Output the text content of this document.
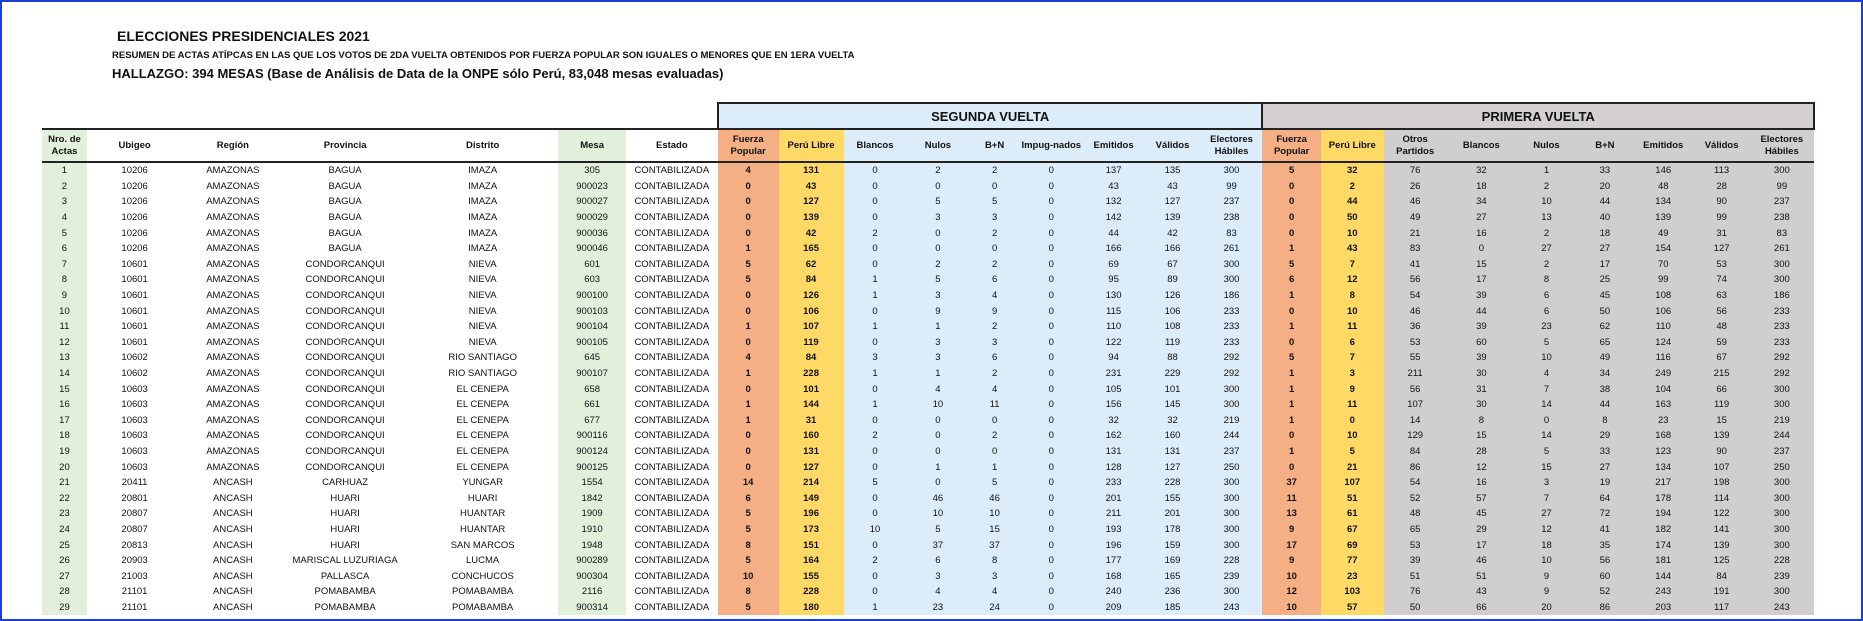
ELECCIONES PRESIDENCIALES 2021
RESUMEN DE ACTAS ATÍPCAS EN LAS QUE LOS VOTOS DE 2DA VUELTA OBTENIDOS POR FUERZA POPULAR SON IGUALES O MENORES QUE EN 1ERA VUELTA
HALLAZGO: 394 MESAS (Base de Análisis de Data de la ONPE sólo Perú, 83,048 mesas evaluadas)
							SEGUNDA VUELTA									PRIMERA VUELTA								
Nro. de Actas	Ubigeo	Región	Provincia	Distrito	Mesa	Estado	Fuerza Popular	Perú Libre	Blancos	Nulos	B+N	Impug-nados	Emitidos	Válidos	Electores Hábiles	Fuerza Popular	Perú Libre	Otros Partidos	Blancos	Nulos	B+N	Emitidos	Válidos	Electores Hábiles
1	10206	AMAZONAS	BAGUA	IMAZA	305	CONTABILIZADA	4	131	0	2	2	0	137	135	300	5	32	76	32	1	33	146	113	300
2	10206	AMAZONAS	BAGUA	IMAZA	900023	CONTABILIZADA	0	43	0	0	0	0	43	43	99	0	2	26	18	2	20	48	28	99
3	10206	AMAZONAS	BAGUA	IMAZA	900027	CONTABILIZADA	0	127	0	5	5	0	132	127	237	0	44	46	34	10	44	134	90	237
4	10206	AMAZONAS	BAGUA	IMAZA	900029	CONTABILIZADA	0	139	0	3	3	0	142	139	238	0	50	49	27	13	40	139	99	238
5	10206	AMAZONAS	BAGUA	IMAZA	900036	CONTABILIZADA	0	42	2	0	2	0	44	42	83	0	10	21	16	2	18	49	31	83
6	10206	AMAZONAS	BAGUA	IMAZA	900046	CONTABILIZADA	1	165	0	0	0	0	166	166	261	1	43	83	0	27	27	154	127	261
7	10601	AMAZONAS	CONDORCANQUI	NIEVA	601	CONTABILIZADA	5	62	0	2	2	0	69	67	300	5	7	41	15	2	17	70	53	300
8	10601	AMAZONAS	CONDORCANQUI	NIEVA	603	CONTABILIZADA	5	84	1	5	6	0	95	89	300	6	12	56	17	8	25	99	74	300
9	10601	AMAZONAS	CONDORCANQUI	NIEVA	900100	CONTABILIZADA	0	126	1	3	4	0	130	126	186	1	8	54	39	6	45	108	63	186
10	10601	AMAZONAS	CONDORCANQUI	NIEVA	900103	CONTABILIZADA	0	106	0	9	9	0	115	106	233	0	10	46	44	6	50	106	56	233
11	10601	AMAZONAS	CONDORCANQUI	NIEVA	900104	CONTABILIZADA	1	107	1	1	2	0	110	108	233	1	11	36	39	23	62	110	48	233
12	10601	AMAZONAS	CONDORCANQUI	NIEVA	900105	CONTABILIZADA	0	119	0	3	3	0	122	119	233	0	6	53	60	5	65	124	59	233
13	10602	AMAZONAS	CONDORCANQUI	RIO SANTIAGO	645	CONTABILIZADA	4	84	3	3	6	0	94	88	292	5	7	55	39	10	49	116	67	292
14	10602	AMAZONAS	CONDORCANQUI	RIO SANTIAGO	900107	CONTABILIZADA	1	228	1	1	2	0	231	229	292	1	3	211	30	4	34	249	215	292
15	10603	AMAZONAS	CONDORCANQUI	EL CENEPA	658	CONTABILIZADA	0	101	0	4	4	0	105	101	300	1	9	56	31	7	38	104	66	300
16	10603	AMAZONAS	CONDORCANQUI	EL CENEPA	661	CONTABILIZADA	1	144	1	10	11	0	156	145	300	1	11	107	30	14	44	163	119	300
17	10603	AMAZONAS	CONDORCANQUI	EL CENEPA	677	CONTABILIZADA	1	31	0	0	0	0	32	32	219	1	0	14	8	0	8	23	15	219
18	10603	AMAZONAS	CONDORCANQUI	EL CENEPA	900116	CONTABILIZADA	0	160	2	0	2	0	162	160	244	0	10	129	15	14	29	168	139	244
19	10603	AMAZONAS	CONDORCANQUI	EL CENEPA	900124	CONTABILIZADA	0	131	0	0	0	0	131	131	237	1	5	84	28	5	33	123	90	237
20	10603	AMAZONAS	CONDORCANQUI	EL CENEPA	900125	CONTABILIZADA	0	127	0	1	1	0	128	127	250	0	21	86	12	15	27	134	107	250
21	20411	ANCASH	CARHUAZ	YUNGAR	1554	CONTABILIZADA	14	214	5	0	5	0	233	228	300	37	107	54	16	3	19	217	198	300
22	20801	ANCASH	HUARI	HUARI	1842	CONTABILIZADA	6	149	0	46	46	0	201	155	300	11	51	52	57	7	64	178	114	300
23	20807	ANCASH	HUARI	HUANTAR	1909	CONTABILIZADA	5	196	0	10	10	0	211	201	300	13	61	48	45	27	72	194	122	300
24	20807	ANCASH	HUARI	HUANTAR	1910	CONTABILIZADA	5	173	10	5	15	0	193	178	300	9	67	65	29	12	41	182	141	300
25	20813	ANCASH	HUARI	SAN MARCOS	1948	CONTABILIZADA	8	151	0	37	37	0	196	159	300	17	69	53	17	18	35	174	139	300
26	20903	ANCASH	MARISCAL LUZURIAGA	LUCMA	900289	CONTABILIZADA	5	164	2	6	8	0	177	169	228	9	77	39	46	10	56	181	125	228
27	21003	ANCASH	PALLASCA	CONCHUCOS	900304	CONTABILIZADA	10	155	0	3	3	0	168	165	239	10	23	51	51	9	60	144	84	239
28	21101	ANCASH	POMABAMBA	POMABAMBA	2116	CONTABILIZADA	8	228	0	4	4	0	240	236	300	12	103	76	43	9	52	243	191	300
29	21101	ANCASH	POMABAMBA	POMABAMBA	900314	CONTABILIZADA	5	180	1	23	24	0	209	185	243	10	57	50	66	20	86	203	117	243
